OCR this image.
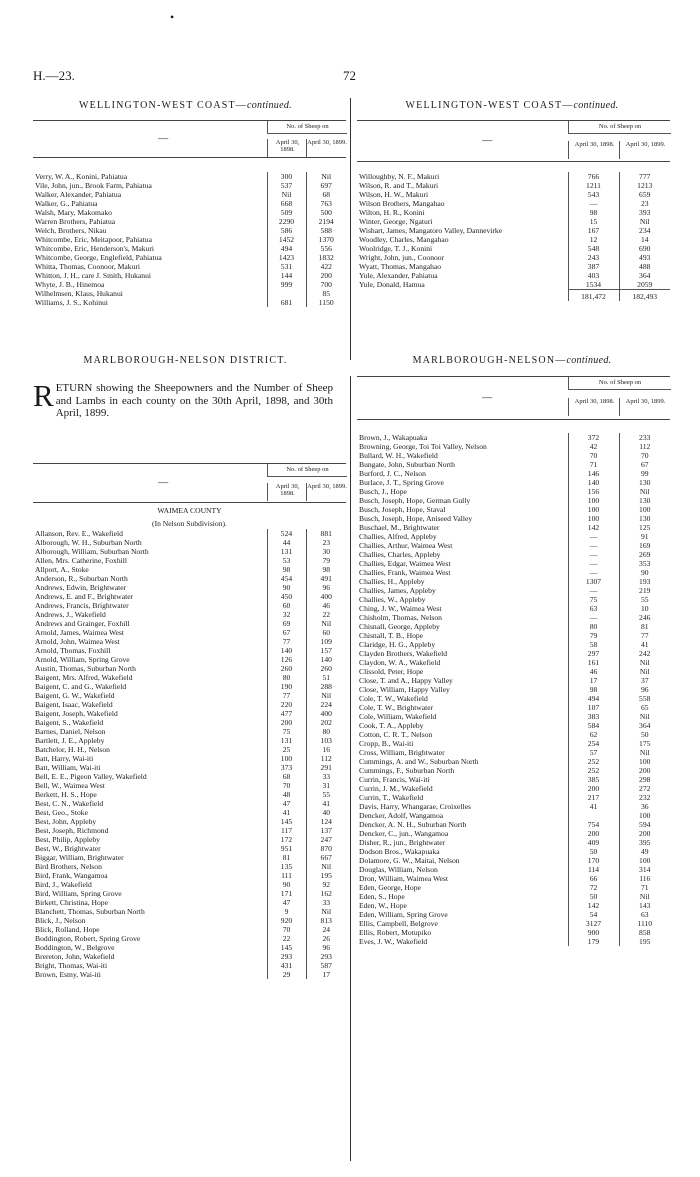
•
H.—23.	72
WELLINGTON-WEST COAST—continued.
—
No. of Sheep on
April 30, 1898.
April 30, 1899.
Verry, W. A., Konini, Pahiatua	300	Nil
Vile, John, jun., Brook Farm, Pahiatua	537	697
Walker, Alexander, Pahiatua	Nil	68
Walker, G., Pahiatua	668	763
Walsh, Mary, Makomako	509	500
Warren Brothers, Pahiatua	2290	2194
Welch, Brothers, Nikau	586	588
Whitcombe, Eric, Meitapoor, Pahiatua	1452	1370
Whitcombe, Eric, Henderson's, Makuri	494	556
Whitcombe, George, Englefield, Pahiatua	1423	1832
Whitta, Thomas, Coonoor, Makuri	531	422
Whitton, J. H., care J. Smith, Hukanui	144	200
Whyte, J. B., Hinemoa	999	700
Wilhelmsen, Klaus, Hukanui		85
Williams, J. S., Kohinui	681	1150
WELLINGTON-WEST COAST—continued.
—
No. of Sheep on
April 30, 1898.	April 30, 1899.
Willoughby, N. F., Makuri	766	777
Wilson, R. and T., Makuri	1211	1213
Wilson, H. W., Makuri	543	659
Wilson Brothers, Mangahao	—	23
Wilton, H. R., Konini	98	393
Winter, George, Ngaturi	15	Nil
Wishart, James, Mangatoro Valley, Dannevirke	167	234
Woodley, Charles, Mangahao	12	14
Woolridge, T. J., Konini	548	690
Wright, John, jun., Coonoor	243	493
Wyatt, Thomas, Mangahao	387	488
Yule, Alexander, Pahiatua	403	364
Yule, Donald, Hamua	1534	2059
	181,472	182,493
MARLBOROUGH-NELSON DISTRICT.
RETURN showing the Sheepowners and the Number of Sheep and Lambs in each county on the 30th April, 1898, and 30th April, 1899.
—
No. of Sheep on
April 30, 1898.
April 30, 1899.
WAIMEA COUNTY		
(In Nelson Subdivision).		
Allanson, Rev. E., Wakefield	524	881
Alborough, W. H., Suburban North	44	23
Alborough, William, Suburban North	131	30
Allen, Mrs. Catherine, Foxhill	53	79
Allport, A., Stoke	98	98
Anderson, R., Suburban North	454	491
Andrews, Edwin, Brightwater	90	96
Andrews, E. and F., Brightwater	450	400
Andrews, Francis, Brightwater	60	46
Andrews, J., Wakefield	32	22
Andrews and Grainger, Foxhill	69	Nil
Arnold, James, Waimea West	67	60
Arnold, John, Waimea West	77	109
Arnold, Thomas, Foxhill	140	157
Arnold, William, Spring Grove	126	140
Austin, Thomas, Suburban North	260	260
Baigent, Mrs. Alfred, Wakefield	80	51
Baigent, C. and G., Wakefield	190	288
Baigent, G. W., Wakefield	77	Nil
Baigent, Isaac, Wakefield	220	224
Baigent, Joseph, Wakefield	477	400
Baigent, S., Wakefield	200	202
Barnes, Daniel, Nelson	75	80
Bartlett, J. E., Appleby	131	103
Batchelor, H. H., Nelson	25	16
Batt, Harry, Wai-iti	100	112
Batt, William, Wai-iti	373	291
Bell, E. E., Pigeon Valley, Wakefield	68	33
Bell, W., Waimea West	70	31
Berkett, H. S., Hope	48	55
Best, C. N., Wakefield	47	41
Best, Geo., Stoke	41	40
Best, John, Appleby	145	124
Best, Joseph, Richmond	117	137
Best, Philip, Appleby	172	247
Best, W., Brightwater	951	870
Biggar, William, Brightwater	81	667
Bird Brothers, Nelson	135	Nil
Bird, Frank, Wangamoa	111	195
Bird, J., Wakefield	90	92
Bird, William, Spring Grove	171	162
Birkett, Christina, Hope	47	33
Blanchett, Thomas, Suburban North	9	Nil
Blick, J., Nelson	920	813
Blick, Rolland, Hope	70	24
Boddington, Robert, Spring Grove	22	26
Boddington, W., Belgrove	145	96
Brereton, John, Wakefield	293	293
Bright, Thomas, Wai-iti	431	587
Brown, Esmy, Wai-iti	29	17
MARLBOROUGH-NELSON—continued.
—
No. of Sheep on
April 30, 1898.	April 30, 1899.
Brown, J., Wakapuaka	372	233
Browning, George, Toi Toi Valley, Nelson	42	112
Bullard, W. H., Wakefield	70	70
Bungate, John, Suburban North	71	67
Burford, J. C., Nelson	146	99
Burlace, J. T., Spring Grove	140	130
Busch, J., Hope	156	Nil
Busch, Joseph, Hope, German Gully	100	130
Busch, Joseph, Hope, Staval	100	100
Busch, Joseph, Hope, Aniseed Valley	100	130
Buschael, M., Brightwater	142	125
Challies, Alfred, Appleby	—	91
Challies, Arthur, Waimea West	—	169
Challies, Charles, Appleby	—	269
Challies, Edgar, Waimea West	—	353
Challies, Frank, Waimea West	—	90
Challies, H., Appleby	1307	193
Challies, James, Appleby	—	219
Challies, W., Appleby	75	55
Ching, J. W., Waimea West	63	10
Chisholm, Thomas, Nelson	—	246
Chisnall, George, Appleby	80	81
Chisnall, T. B., Hope	79	77
Claridge, H. G., Appleby	58	41
Clayden Brothers, Wakefield	297	242
Claydon, W. A., Wakefield	161	Nil
Clissold, Peter, Hope	46	Nil
Close, T. and A., Happy Valley	17	37
Close, William, Happy Valley	98	96
Cole, T. W., Wakefield	494	558
Cole, T. W., Brightwater	107	65
Cole, William, Wakefield	383	Nil
Cook, T. A., Appleby	584	364
Cotton, C. R. T., Nelson	62	50
Cropp, B., Wai-iti	254	175
Cross, William, Brightwater	57	Nil
Cummings, A. and W., Suburban North	252	100
Cummings, F., Suburban North	252	200
Currin, Francis, Wai-iti	385	298
Currin, J. M., Wakefield	200	272
Currin, T., Wakefield	217	232
Davis, Harry, Whangarae, Croixelles	41	36
Dencker, Adolf, Wangamoa		100
Dencker, A. N. H., Suburban North	754	594
Dencker, C., jun., Wangamoa	200	200
Disher, R., jun., Brightwater	409	395
Dodson Bros., Wakapuaka	50	49
Dolamore, G. W., Maitai, Nelson	170	100
Douglas, William, Nelson	114	314
Dron, William, Waimea West	66	116
Eden, George, Hope	72	71
Eden, S., Hope	50	Nil
Eden, W., Hope	142	143
Eden, William, Spring Grove	54	63
Ellis, Campbell, Belgrove	3127	1110
Ellis, Robert, Motupiko	900	858
Eves, J. W., Wakefield	179	195
